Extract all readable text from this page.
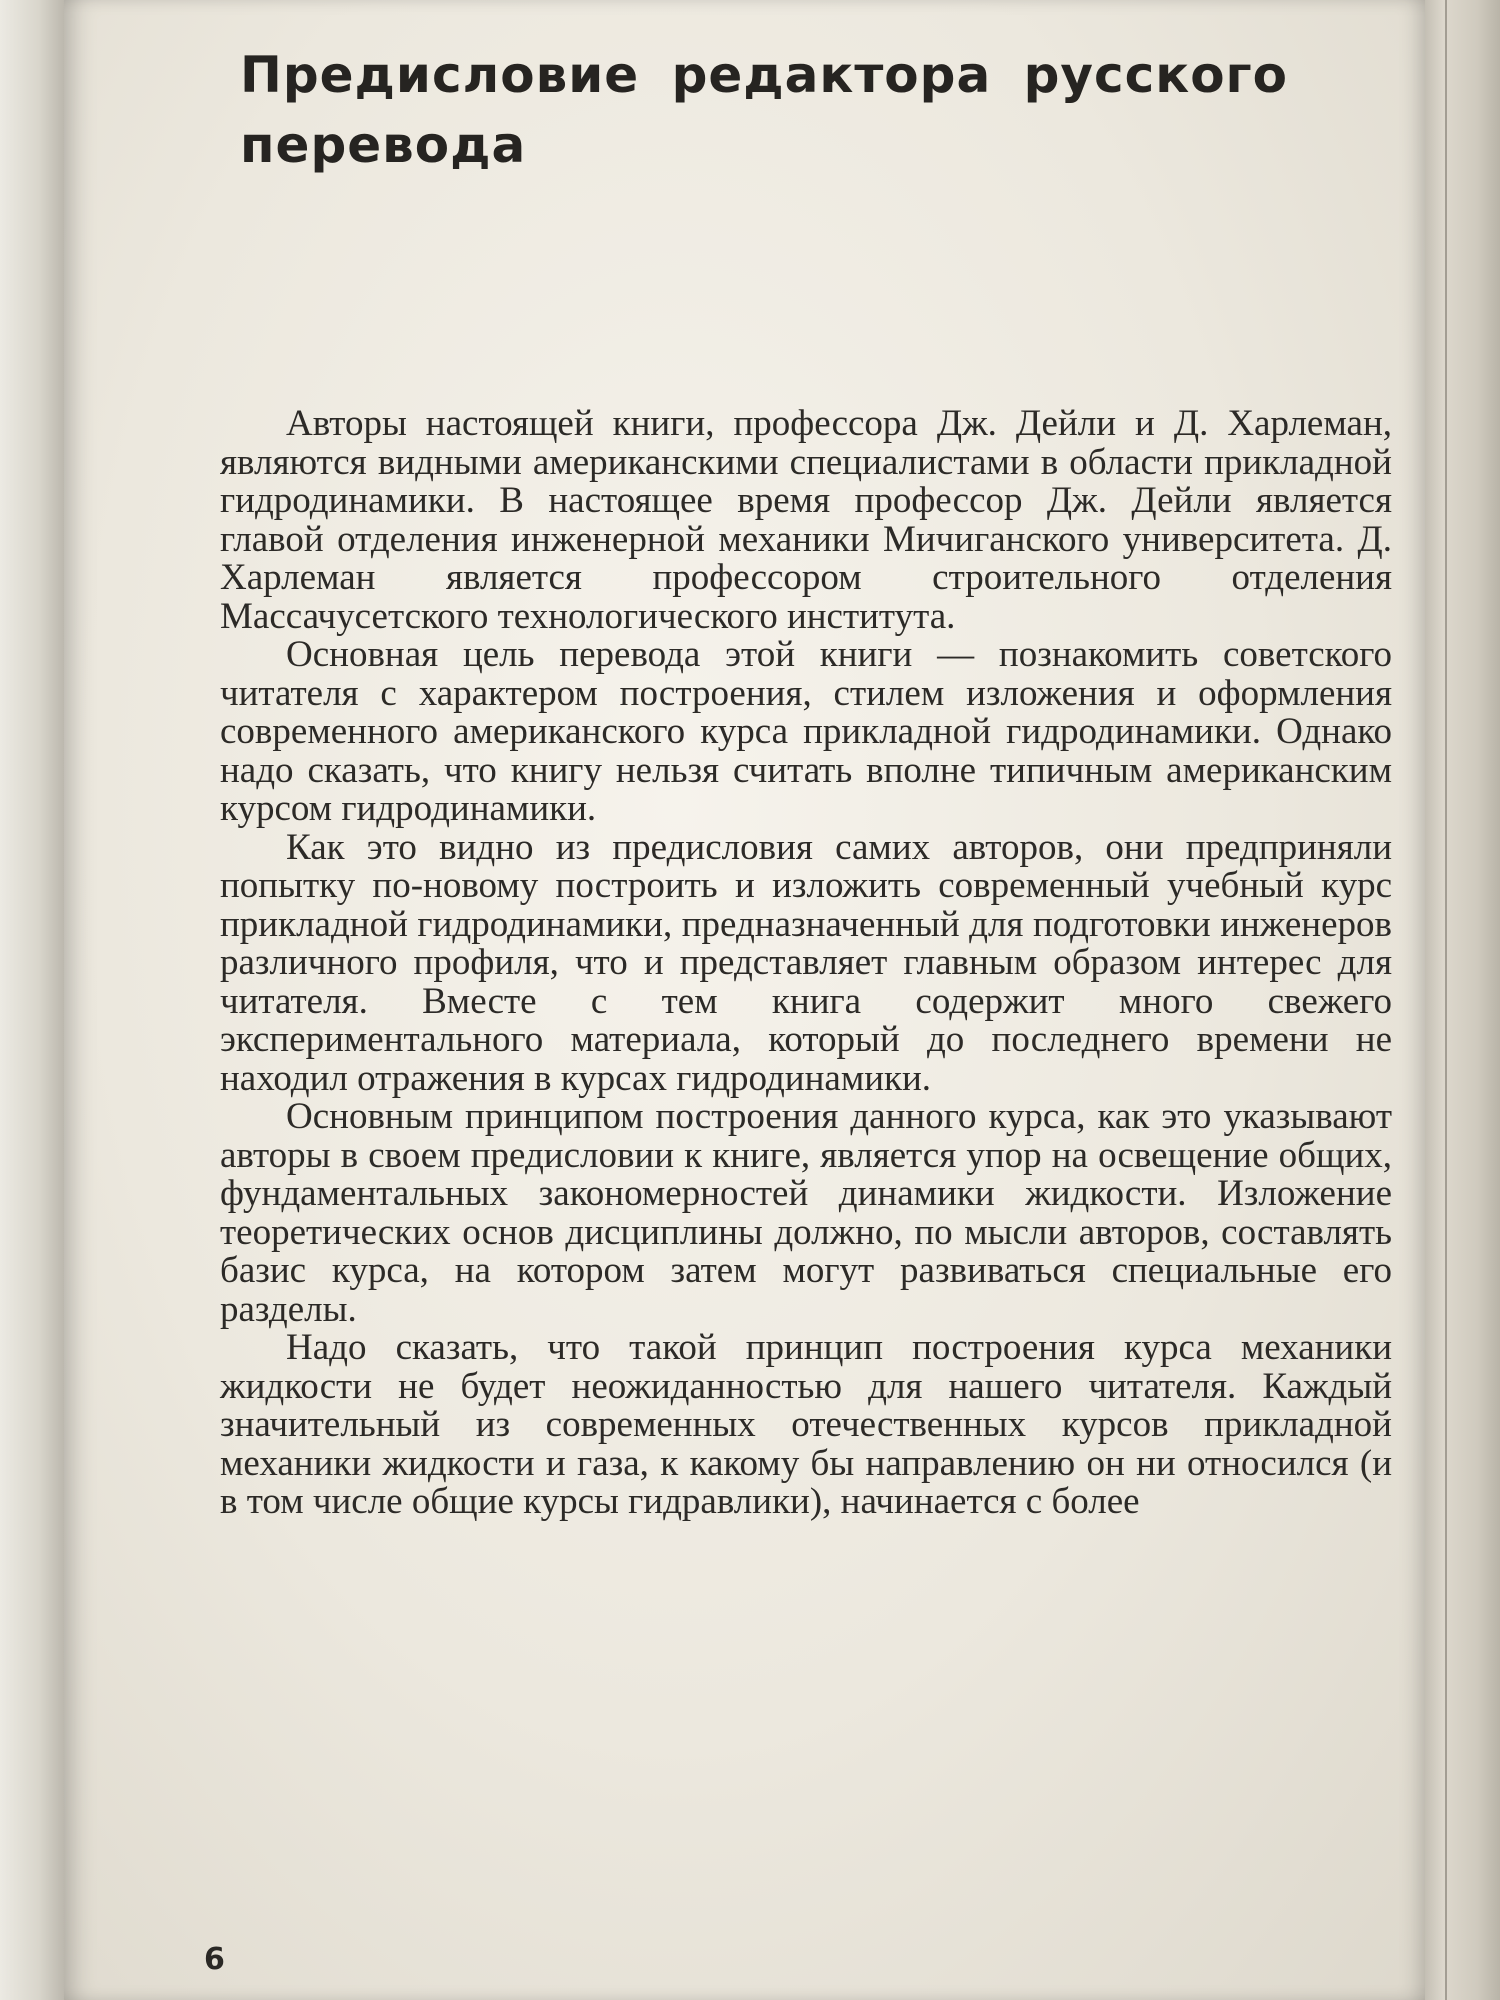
Предисловие редактора русского перевода

Авторы настоящей книги, профессора Дж. Дейли и Д. Харлеман, являются видными американскими специалистами в области прикладной гидродинамики. В настоящее время профессор Дж. Дейли является главой отделения инженерной механики Мичиганского университета. Д. Харлеман является профессором строительного отделения Массачусетского технологического института.

Основная цель перевода этой книги — познакомить советского читателя с характером построения, стилем изложения и оформления современного американского курса прикладной гидродинамики. Однако надо сказать, что книгу нельзя считать вполне типичным американским курсом гидродинамики.

Как это видно из предисловия самих авторов, они предприняли попытку по-новому построить и изложить современный учебный курс прикладной гидродинамики, предназначенный для подготовки инженеров различного профиля, что и представляет главным образом интерес для читателя. Вместе с тем книга содержит много свежего экспериментального материала, который до последнего времени не находил отражения в курсах гидродинамики.

Основным принципом построения данного курса, как это указывают авторы в своем предисловии к книге, является упор на освещение общих, фундаментальных закономерностей динамики жидкости. Изложение теоретических основ дисциплины должно, по мысли авторов, составлять базис курса, на котором затем могут развиваться специальные его разделы.

Надо сказать, что такой принцип построения курса механики жидкости не будет неожиданностью для нашего читателя. Каждый значительный из современных отечественных курсов прикладной механики жидкости и газа, к какому бы направлению он ни относился (и в том числе общие курсы гидравлики), начинается с более

6
